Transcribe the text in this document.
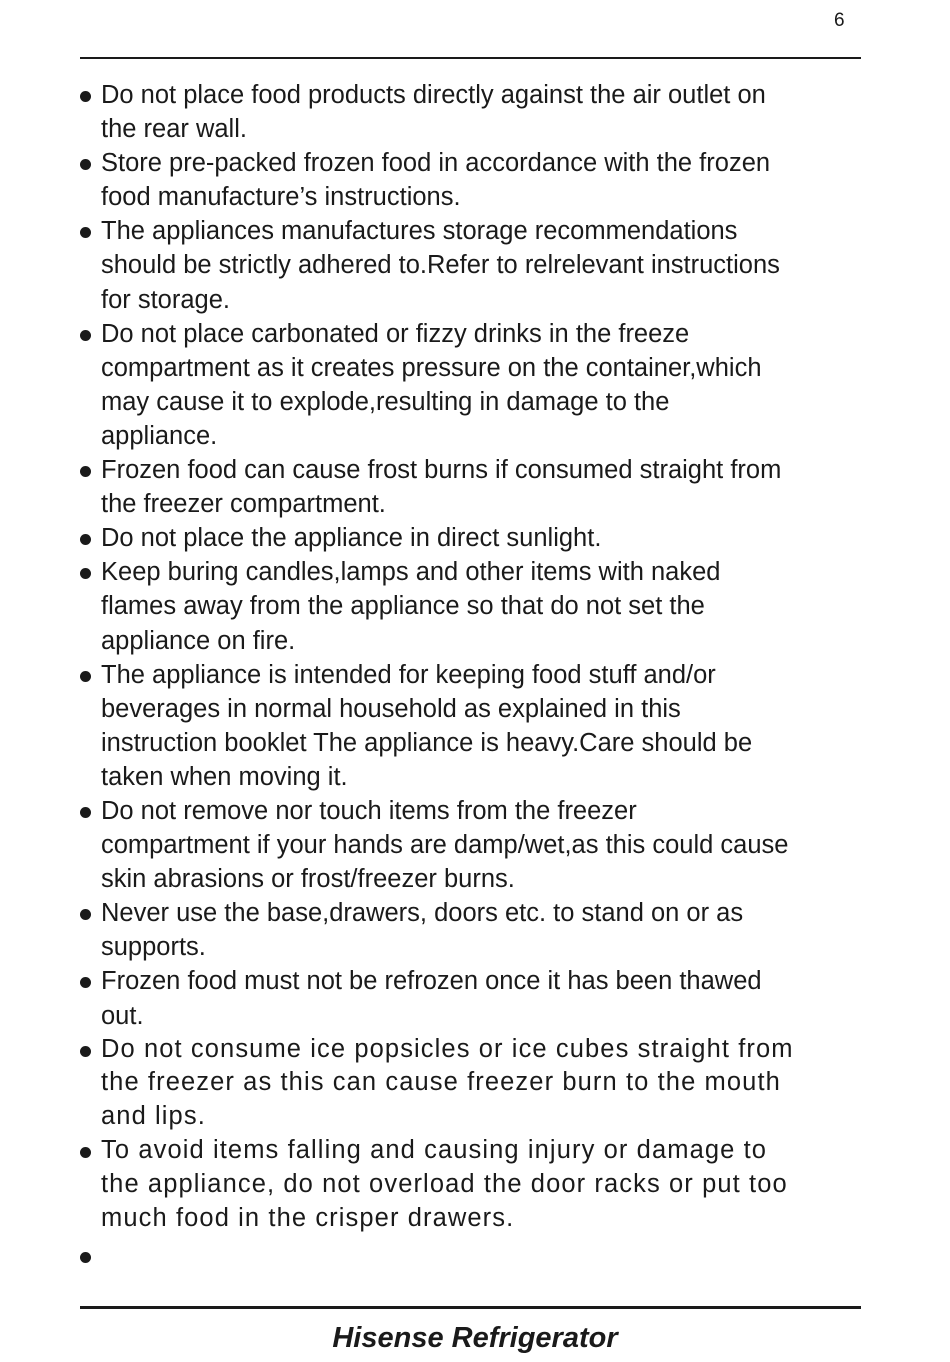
6
Do not place food products directly against the air outlet on
the rear wall.
Store pre-packed frozen food in accordance with the frozen
food manufacture’s instructions.
The appliances manufactures storage recommendations
should be strictly adhered to.Refer to relrelevant instructions
for storage.
Do not place carbonated or fizzy drinks in the freeze
compartment as it creates pressure on the container,which
may cause it to explode,resulting in damage to the
appliance.
Frozen food can cause frost burns if consumed straight from
the freezer compartment.
Do not place the appliance in direct sunlight.
Keep buring candles,lamps and other items with naked
flames away from the appliance so that do not set the
appliance on fire.
The appliance is intended for keeping food stuff and/or
beverages in normal household as explained in this
instruction booklet The appliance is heavy.Care should be
taken when moving it.
Do not remove nor touch items from the freezer
compartment if your hands are damp/wet,as this could cause
skin abrasions or frost/freezer burns.
Never use the base,drawers, doors etc. to stand on or as
supports.
Frozen food must not be refrozen once it has been thawed
out.
Do not consume ice popsicles or ice cubes straight from
the freezer as this can cause freezer burn to the mouth
and lips.
To avoid items falling and causing injury or damage to
the appliance, do not overload the door racks or put too
much food in the crisper drawers.
Hisense Refrigerator
